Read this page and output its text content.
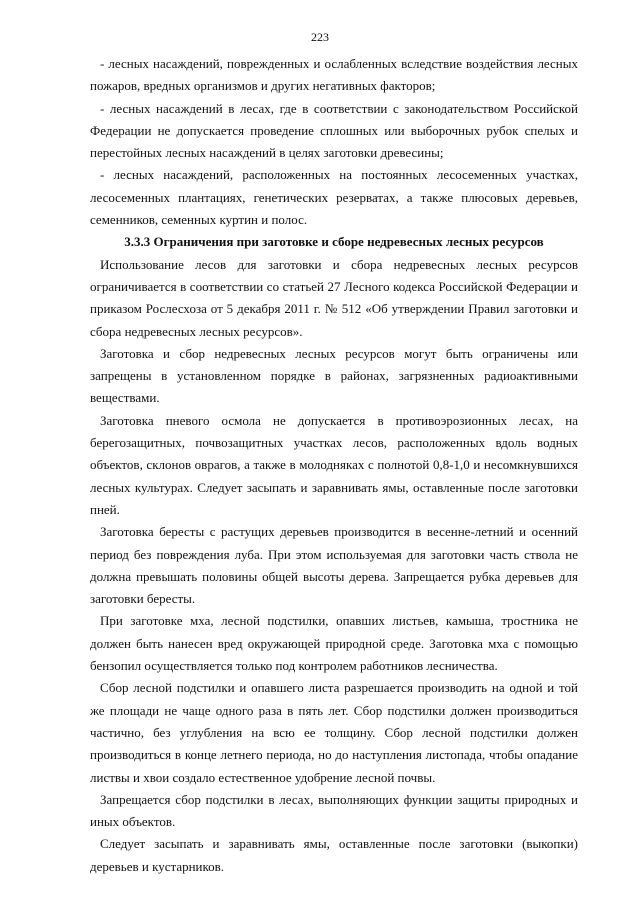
223

- лесных насаждений, поврежденных и ослабленных вследствие воздействия лесных пожаров, вредных организмов и других негативных факторов;

- лесных насаждений в лесах, где в соответствии с законодательством Российской Федерации не допускается проведение сплошных или выборочных рубок спелых и перестойных лесных насаждений в целях заготовки древесины;

- лесных насаждений, расположенных на постоянных лесосеменных участках, лесосеменных плантациях, генетических резерватах, а также плюсовых деревьев, семенников, семенных куртин и полос.

3.3.3 Ограничения при заготовке и сборе недревесных лесных ресурсов

Использование лесов для заготовки и сбора недревесных лесных ресурсов ограничивается в соответствии со статьей 27 Лесного кодекса Российской Федерации и приказом Рослесхоза от 5 декабря 2011 г. № 512 «Об утверждении Правил заготовки и сбора недревесных лесных ресурсов».

Заготовка и сбор недревесных лесных ресурсов могут быть ограничены или запрещены в установленном порядке в районах, загрязненных радиоактивными веществами.

Заготовка пневого осмола не допускается в противоэрозионных лесах, на берегозащитных, почвозащитных участках лесов, расположенных вдоль водных объектов, склонов оврагов, а также в молодняках с полнотой 0,8-1,0 и несомкнувшихся лесных культурах. Следует засыпать и заравнивать ямы, оставленные после заготовки пней.

Заготовка бересты с растущих деревьев производится в весенне-летний и осенний период без повреждения луба. При этом используемая для заготовки часть ствола не должна превышать половины общей высоты дерева. Запрещается рубка деревьев для заготовки бересты.

При заготовке мха, лесной подстилки, опавших листьев, камыша, тростника не должен быть нанесен вред окружающей природной среде. Заготовка мха с помощью бензопил осуществляется только под контролем работников лесничества.

Сбор лесной подстилки и опавшего листа разрешается производить на одной и той же площади не чаще одного раза в пять лет. Сбор подстилки должен производиться частично, без углубления на всю ее толщину. Сбор лесной подстилки должен производиться в конце летнего периода, но до наступления листопада, чтобы опадание листвы и хвои создало естественное удобрение лесной почвы.

Запрещается сбор подстилки в лесах, выполняющих функции защиты природных и иных объектов.

Следует засыпать и заравнивать ямы, оставленные после заготовки (выкопки) деревьев и кустарников.
